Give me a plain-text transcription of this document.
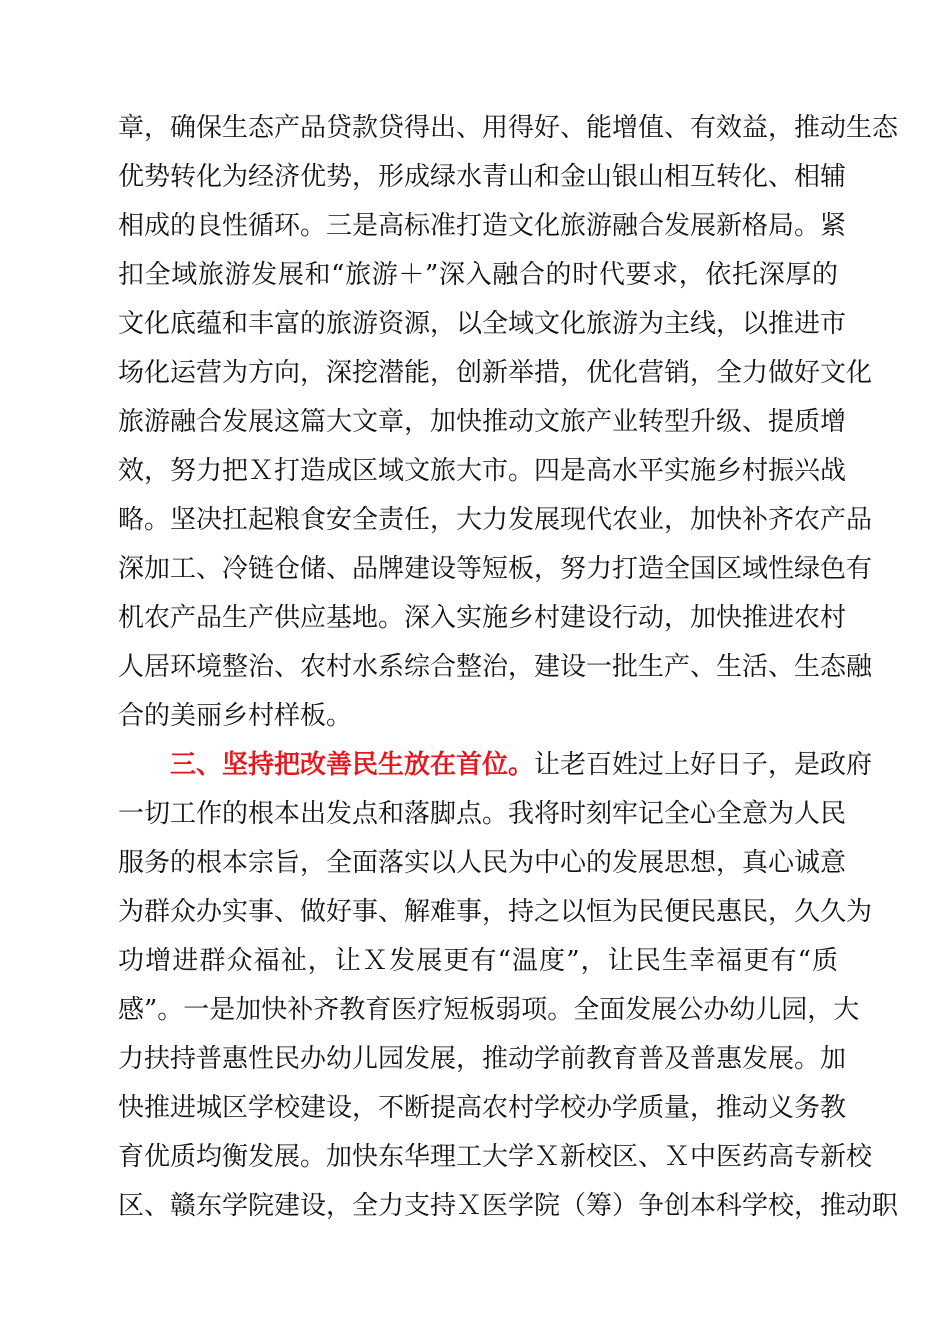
章，确保生态产品贷款贷得出、用得好、能增值、有效益，推动生态
优势转化为经济优势，形成绿水青山和金山银山相互转化、相辅
相成的良性循环。三是高标准打造文化旅游融合发展新格局。紧
扣全域旅游发展和“旅游＋”深入融合的时代要求，依托深厚的
文化底蕴和丰富的旅游资源，以全域文化旅游为主线，以推进市
场化运营为方向，深挖潜能，创新举措，优化营销，全力做好文化
旅游融合发展这篇大文章，加快推动文旅产业转型升级、提质增
效，努力把Ｘ打造成区域文旅大市。四是高水平实施乡村振兴战
略。坚决扛起粮食安全责任，大力发展现代农业，加快补齐农产品
深加工、冷链仓储、品牌建设等短板，努力打造全国区域性绿色有
机农产品生产供应基地。深入实施乡村建设行动，加快推进农村
人居环境整治、农村水系综合整治，建设一批生产、生活、生态融
合的美丽乡村样板。
三、坚持把改善民生放在首位。让老百姓过上好日子，是政府
一切工作的根本出发点和落脚点。我将时刻牢记全心全意为人民
服务的根本宗旨，全面落实以人民为中心的发展思想，真心诚意
为群众办实事、做好事、解难事，持之以恒为民便民惠民，久久为
功增进群众福祉，让Ｘ发展更有“温度”，让民生幸福更有“质
感”。一是加快补齐教育医疗短板弱项。全面发展公办幼儿园，大
力扶持普惠性民办幼儿园发展，推动学前教育普及普惠发展。加
快推进城区学校建设，不断提高农村学校办学质量，推动义务教
育优质均衡发展。加快东华理工大学Ｘ新校区、Ｘ中医药高专新校
区、赣东学院建设，全力支持Ｘ医学院（筹）争创本科学校，推动职
